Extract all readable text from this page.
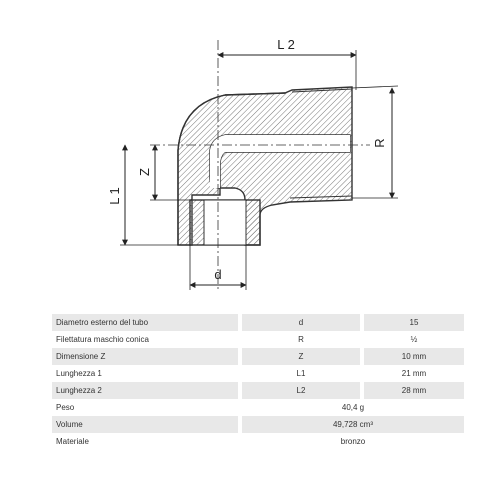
L 2
R
Z
L 1
d
Diametro esterno del tubo		d		15
Filettatura maschio conica		R		½
Dimensione Z		Z		10 mm
Lunghezza 1		L1		21 mm
Lunghezza 2		L2		28 mm
Peso		40,4 g		
Volume		49,728 cm³		
Materiale		bronzo		
